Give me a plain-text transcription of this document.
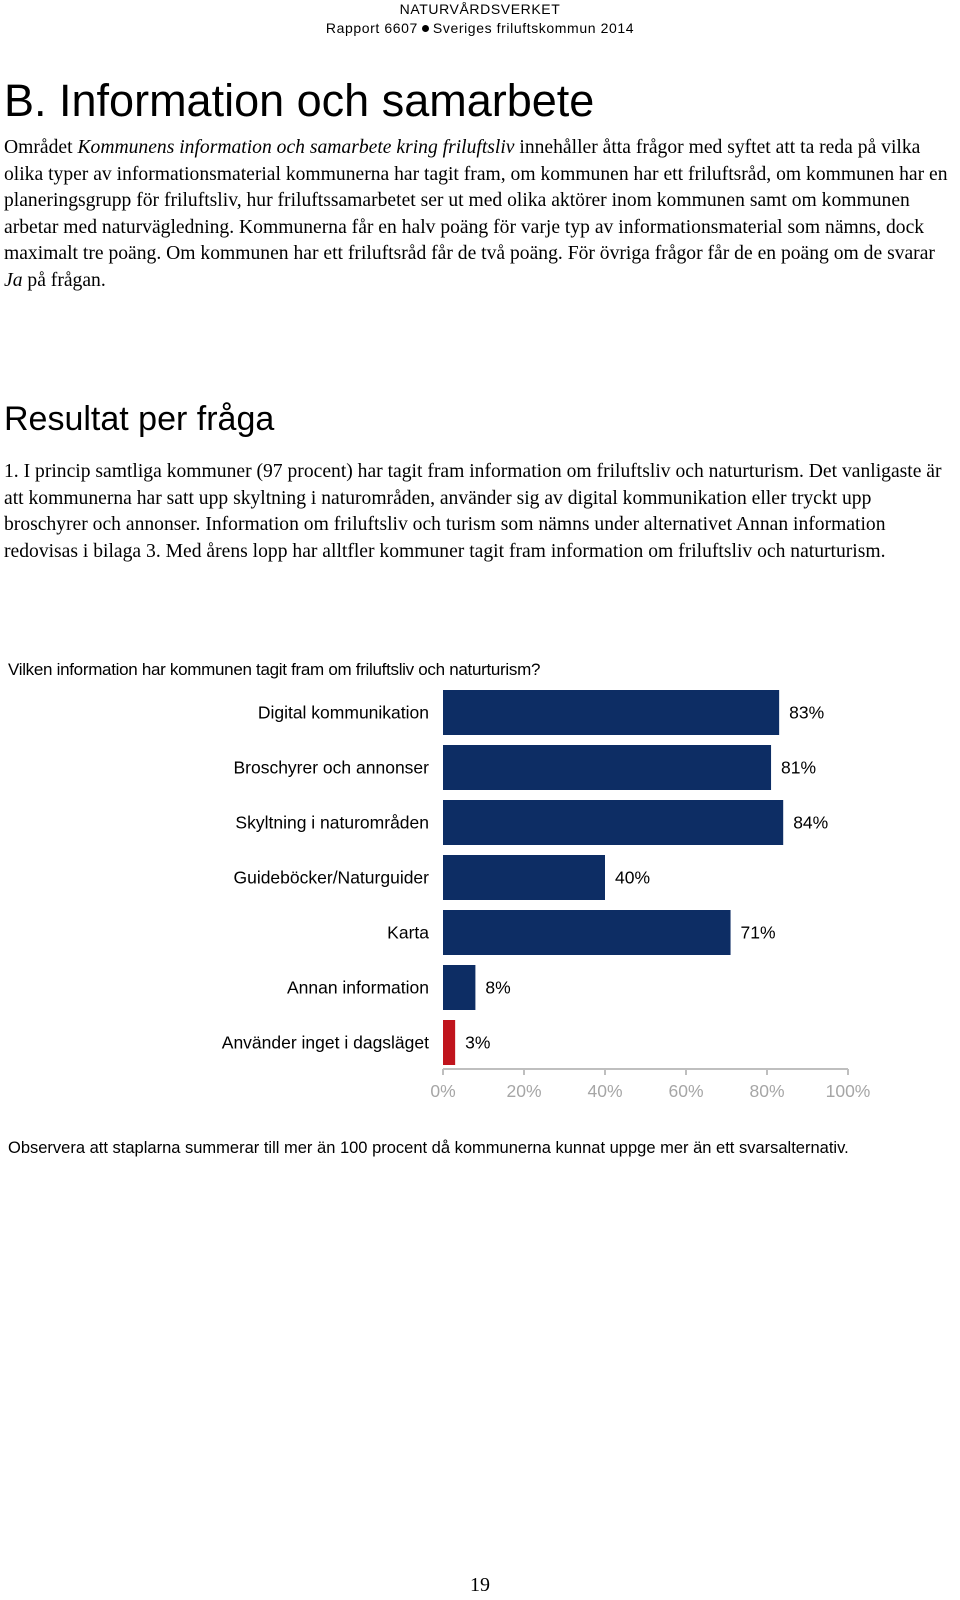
NATURVÅRDSVERKET
Rapport 6607 Sveriges friluftskommun 2014
B. Information och samarbete

Området Kommunens information och samarbete kring friluftsliv innehåller åtta frågor med syftet att ta reda på vilka olika typer av informationsmaterial kommunerna har tagit fram, om kommunen har ett friluftsråd, om kommunen har en planeringsgrupp för friluftsliv, hur friluftssamarbetet ser ut med olika aktörer inom kommunen samt om kommunen arbetar med naturvägledning. Kommunerna får en halv poäng för varje typ av informationsmaterial som nämns, dock maximalt tre poäng. Om kommunen har ett friluftsråd får de två poäng. För övriga frågor får de en poäng om de svarar Ja på frågan.

Resultat per fråga

1. I princip samtliga kommuner (97 procent) har tagit fram information om friluftsliv och naturturism. Det vanligaste är att kommunerna har satt upp skyltning i naturområden, använder sig av digital kommunikation eller tryckt upp broschyrer och annonser. Information om friluftsliv och turism som nämns under alternativet Annan information redovisas i bilaga 3. Med årens lopp har alltfler kommuner tagit fram information om friluftsliv och naturturism.

Vilken information har kommunen tagit fram om friluftsliv och naturturism?

Digital kommunikation	83%
Broschyrer och annonser	81%
Skyltning i naturområden	84%
Guideböcker/Naturguider	40%
Karta	71%
Annan information	8%
Använder inget i dagsläget 3%
0%	20%	40%	60%	80% 100%

Observera att staplarna summerar till mer än 100 procent då kommunerna kunnat uppge mer än ett svarsalternativ.

19
